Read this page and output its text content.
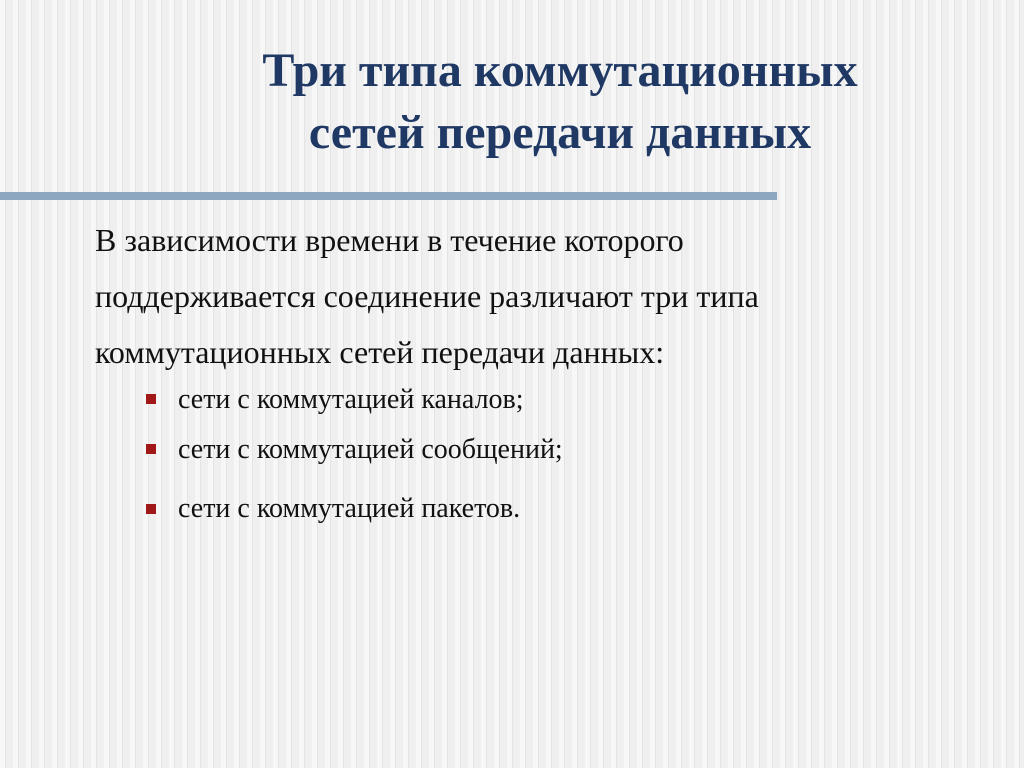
Три типа коммутационных
сетей передачи данных

В зависимости времени в течение которого
поддерживается соединение различают три типа
коммутационных сетей передачи данных:

сети с коммутацией каналов;
сети с коммутацией сообщений;
сети с коммутацией пакетов.
